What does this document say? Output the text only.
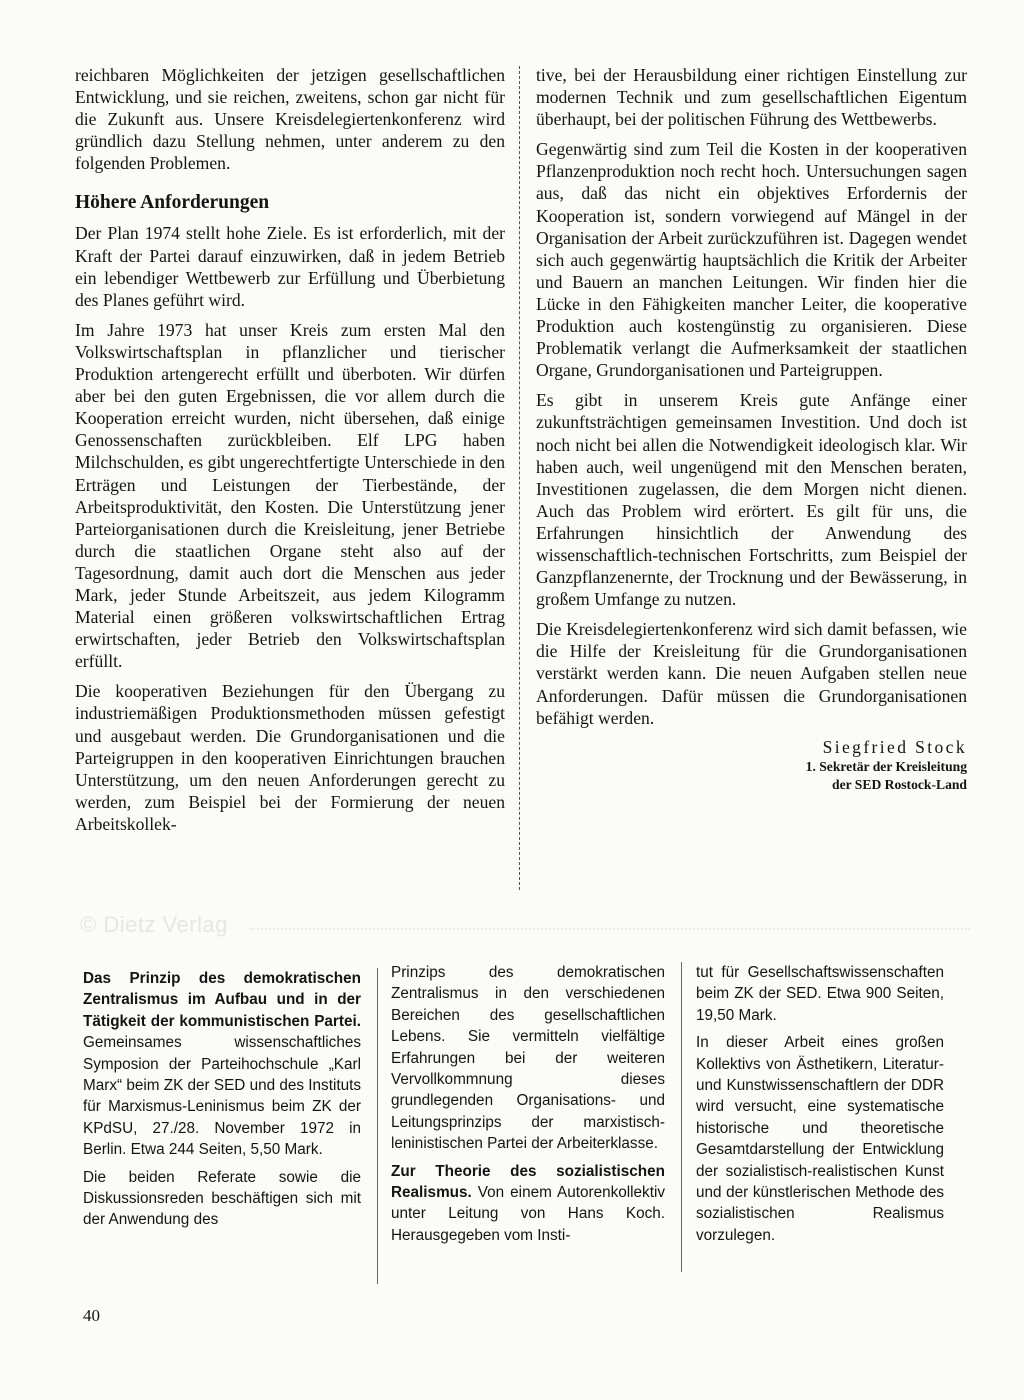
reichbaren Möglichkeiten der jetzigen gesellschaftlichen Entwicklung, und sie reichen, zweitens, schon gar nicht für die Zukunft aus. Unsere Kreisdelegiertenkonferenz wird gründlich dazu Stellung nehmen, unter anderem zu den folgenden Problemen.

Höhere Anforderungen

Der Plan 1974 stellt hohe Ziele. Es ist erforderlich, mit der Kraft der Partei darauf einzuwirken, daß in jedem Betrieb ein lebendiger Wettbewerb zur Erfüllung und Überbietung des Planes geführt wird.

Im Jahre 1973 hat unser Kreis zum ersten Mal den Volkswirtschaftsplan in pflanzlicher und tierischer Produktion artengerecht erfüllt und überboten. Wir dürfen aber bei den guten Ergebnissen, die vor allem durch die Kooperation erreicht wurden, nicht übersehen, daß einige Genossenschaften zurückbleiben. Elf LPG haben Milchschulden, es gibt ungerechtfertigte Unterschiede in den Erträgen und Leistungen der Tierbestände, der Arbeitsproduktivität, den Kosten. Die Unterstützung jener Parteiorganisationen durch die Kreisleitung, jener Betriebe durch die staatlichen Organe steht also auf der Tagesordnung, damit auch dort die Menschen aus jeder Mark, jeder Stunde Arbeitszeit, aus jedem Kilogramm Material einen größeren volkswirtschaftlichen Ertrag erwirtschaften, jeder Betrieb den Volkswirtschaftsplan erfüllt.

Die kooperativen Beziehungen für den Übergang zu industriemäßigen Produktionsmethoden müssen gefestigt und ausgebaut werden. Die Grundorganisationen und die Parteigruppen in den kooperativen Einrichtungen brauchen Unterstützung, um den neuen Anforderungen gerecht zu werden, zum Beispiel bei der Formierung der neuen Arbeitskollek-

tive, bei der Herausbildung einer richtigen Einstellung zur modernen Technik und zum gesellschaftlichen Eigentum überhaupt, bei der politischen Führung des Wettbewerbs.

Gegenwärtig sind zum Teil die Kosten in der kooperativen Pflanzenproduktion noch recht hoch. Untersuchungen sagen aus, daß das nicht ein objektives Erfordernis der Kooperation ist, sondern vorwiegend auf Mängel in der Organisation der Arbeit zurückzuführen ist. Dagegen wendet sich auch gegenwärtig hauptsächlich die Kritik der Arbeiter und Bauern an manchen Leitungen. Wir finden hier die Lücke in den Fähigkeiten mancher Leiter, die kooperative Produktion auch kostengünstig zu organisieren. Diese Problematik verlangt die Aufmerksamkeit der staatlichen Organe, Grundorganisationen und Parteigruppen.

Es gibt in unserem Kreis gute Anfänge einer zukunftsträchtigen gemeinsamen Investition. Und doch ist noch nicht bei allen die Notwendigkeit ideologisch klar. Wir haben auch, weil ungenügend mit den Menschen beraten, Investitionen zugelassen, die dem Morgen nicht dienen. Auch das Problem wird erörtert. Es gilt für uns, die Erfahrungen hinsichtlich der Anwendung des wissenschaftlich-technischen Fortschritts, zum Beispiel der Ganzpflanzenernte, der Trocknung und der Bewässerung, in großem Umfange zu nutzen.

Die Kreisdelegiertenkonferenz wird sich damit befassen, wie die Hilfe der Kreisleitung für die Grundorganisationen verstärkt werden kann. Die neuen Aufgaben stellen neue Anforderungen. Dafür müssen die Grundorganisationen befähigt werden.

Siegfried Stock
1. Sekretär der Kreisleitung
der SED Rostock-Land
© Dietz Verlag

Das Prinzip des demokratischen Zentralismus im Aufbau und in der Tätigkeit der kommunistischen Partei. Gemeinsames wissenschaftliches Symposion der Parteihochschule „Karl Marx“ beim ZK der SED und des Instituts für Marxismus-Leninismus beim ZK der KPdSU, 27./28. November 1972 in Berlin. Etwa 244 Seiten, 5,50 Mark.

Die beiden Referate sowie die Diskussionsreden beschäftigen sich mit der Anwendung des

Prinzips des demokratischen Zentralismus in den verschiedenen Bereichen des gesellschaftlichen Lebens. Sie vermitteln vielfältige Erfahrungen bei der weiteren Vervollkommnung dieses grundlegenden Organisations- und Leitungsprinzips der marxistisch-leninistischen Partei der Arbeiterklasse.

Zur Theorie des sozialistischen Realismus. Von einem Autorenkollektiv unter Leitung von Hans Koch. Herausgegeben vom Insti-

tut für Gesellschaftswissenschaften beim ZK der SED. Etwa 900 Seiten, 19,50 Mark.

In dieser Arbeit eines großen Kollektivs von Ästhetikern, Literatur- und Kunstwissenschaftlern der DDR wird versucht, eine systematische historische und theoretische Gesamtdarstellung der Entwicklung der sozialistisch-realistischen Kunst und der künstlerischen Methode des sozialistischen Realismus vorzulegen.

40
